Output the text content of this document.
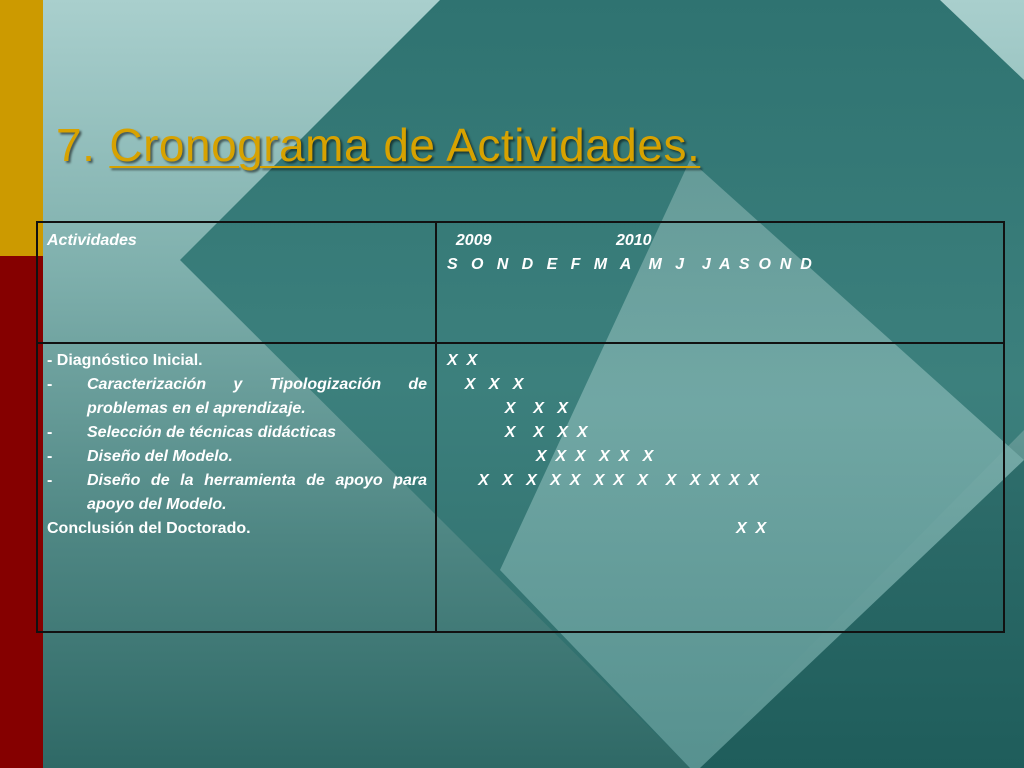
7. Cronograma de Actividades.
Actividades	2009                            2010
S   O   N   D   E   F   M   A    M   J    J  A  S  O  N  D
- Diagnóstico Inicial.
- Caracterización y Tipologización de problemas en el aprendizaje.
- Selección de técnicas didácticas
- Diseño del Modelo.
- Diseño de la herramienta de apoyo para apoyo del Modelo.
Conclusión del Doctorado.
X  X
X   X   X
X    X   X
X    X   X  X
X  X  X   X  X   X
X   X   X   X  X   X  X   X    X   X  X  X  X
X  X
